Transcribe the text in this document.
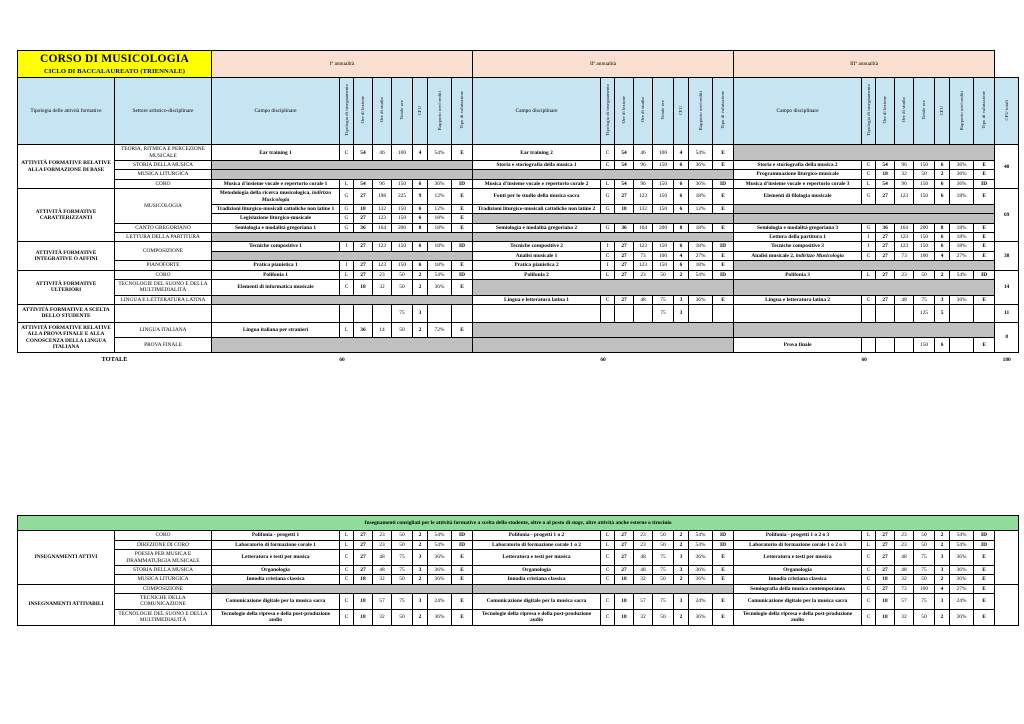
CORSO DI MUSICOLOGIA
CICLO DI BACCALAUREATO (TRIENNALE)		Iª annualità								IIª annualità								IIIª annualità								
Tipologia delle attività formative	Settore artistico-disciplinare	Campo disciplinare	Tipologia di insegnamento	Ore di lezione	Ore di studio	Totale ore	CFU	Rapporto ore/crediti	Tipo di valutazione	Campo disciplinare	Tipologia di insegnamento	Ore di lezione	Ore di studio	Totale ore	CFU	Rapporto ore/crediti	Tipo di valutazione	Campo disciplinare	Tipologia di insegnamento	Ore di lezione	Ore di studio	Totale ore	CFU	Rapporto ore/crediti	Tipo di valutazione	CFU totali
ATTIVITÀ FORMATIVE RELATIVE ALLA FORMAZIONE DI BASE	TEORIA, RITMICA E PERCEZIONE MUSICALE	Ear training 1	C	54	46	100	4	54%	E	Ear training 2	C	54	46	100	4	54%	E									40
	STORIA DELLA MUSICA									Storia e storiografia della musica 1	C	54	96	150	6	36%	E	Storia e storiografia della musica 2	C	54	96	150	6	36%	E	
	MUSICA LITURGICA																	Programmazione liturgico-musicale	C	18	32	50	2	36%	E	
	CORO	Musica d'insieme vocale e repertorio corale 1	L	54	96	150	6	36%	ID	Musica d'insieme vocale e repertorio corale 2	L	54	96	150	6	36%	ID	Musica d'insieme vocale e repertorio corale 3	L	54	96	150	6	36%	ID	
ATTIVITÀ FORMATIVE CARATTERIZZANTI	MUSICOLOGIA	Metodologia della ricerca musicologica, indirizzo Musicologia	G	27	198	225	9	12%	E	Fonti per lo studio della musica sacra	G	27	123	150	6	18%	E	Elementi di filologia musicale	G	27	123	150	6	18%	E	69
		Tradizioni liturgico-musicali cattoliche non latine 1	G	18	132	150	6	12%	E	Tradizioni liturgico-musicali cattoliche non latine 2	G	18	132	150	6	12%	E									
		Legislazione liturgico-musicale	G	27	123	150	6	18%	E																	
	CANTO GREGORIANO	Semiologia e modalità gregoriana 1	G	36	164	200	8	18%	E	Semiologia e modalità gregoriana 2	G	36	164	200	8	18%	E	Semiologia e modalità gregoriana 3	G	36	164	200	8	18%	E	
	LETTURA DELLA PARTITURA																	Lettura della partitura 1	I	27	123	150	6	18%	E	
ATTIVITÀ FORMATIVE INTEGRATIVE O AFFINI	COMPOSIZIONE	Tecniche compositive 1	I	27	123	150	6	18%	ID	Tecniche compositive 2	I	27	123	150	6	18%	ID	Tecniche compositive 3	I	27	123	150	6	18%	E	38
										Analisi musicale 1	C	27	73	100	4	27%	E	Analisi musicale 2, indirizzo Musicologia	C	27	73	100	4	27%	E	
	PIANOFORTE	Pratica pianistica 1	I	27	123	150	6	18%	E	Pratica pianistica 2	I	27	123	150	6	18%	E									
ATTIVITÀ FORMATIVE ULTERIORI	CORO	Polifonia 1	L	27	23	50	2	54%	ID	Polifonia 2	L	27	23	50	2	54%	ID	Polifonia 3	L	27	23	50	2	54%	ID	14
	TECNOLOGIE DEL SUONO E DELLA MULTIMEDIALITÀ	Elementi di informatica musicale	C	18	32	50	2	36%	E																	
	LINGUA E LETTERATURA LATINA									Lingua e letteratura latina 1	C	27	48	75	3	36%	E	Lingua e letteratura latina 2	C	27	48	75	3	36%	E	
ATTIVITÀ FORMATIVE A SCELTA DELLO STUDENTE						75	3							75	3							125	5			11
ATTIVITÀ FORMATIVE RELATIVE ALLA PROVA FINALE E ALLA CONOSCENZA DELLA LINGUA ITALIANA	LINGUA ITALIANA	Lingua italiana per stranieri	L	36	14	50	2	72%	E																	8
	PROVA FINALE																	Prova finale				150	6		E	

TOTALE		60								60								60								180
Insegnamenti consigliati per le attività formative a scelta dello studente, oltre o al posto di stage, altre attività anche esterne o tirocinio																										
INSEGNAMENTI ATTIVI	CORO	Polifonia - progetti 1	L	27	23	50	2	54%	ID	Polifonia - progetti 1 o 2	L	27	23	50	2	54%	ID	Polifonia - progetti 1 o 2 o 3	L	27	23	50	2	54%	ID	
	DIREZIONE DI CORO	Laboratorio di formazione corale 1	L	27	23	50	2	54%	ID	Laboratorio di formazione corale 1 o 2	L	27	23	50	2	54%	ID	Laboratorio di formazione corale 1 o 2 o 3	L	27	23	50	2	54%	ID	
	POESIA PER MUSICA E DRAMMATURGIA MUSICALE	Letteratura e testi per musica	C	27	48	75	3	36%	E	Letteratura e testi per musica	C	27	48	75	3	36%	E	Letteratura e testi per musica	C	27	48	75	3	36%	E	
	STORIA DELLA MUSICA	Organologia	C	27	48	75	3	36%	E	Organologia	C	27	48	75	3	36%	E	Organologia	C	27	48	75	3	36%	E	
	MUSICA LITURGICA	Innodia cristiana classica	C	18	32	50	2	36%	E	Innodia cristiana classica	C	18	32	50	2	36%	E	Innodia cristiana classica	C	18	32	50	2	36%	E	
INSEGNAMENTI ATTIVABILI	COMPOSIZIONE																	Semiografia della musica contemporanea	C	27	73	100	4	27%	E	
	TECNICHE DELLA COMUNICAZIONE	Comunicazione digitale per la musica sacra	C	18	57	75	3	24%	E	Comunicazione digitale per la musica sacra	C	18	57	75	3	24%	E	Comunicazione digitale per la musica sacra	C	18	57	75	3	24%	E	
	TECNOLOGIE DEL SUONO E DELLA MULTIMEDIALITÀ	Tecnologie della ripresa e della post-produzione audio	C	18	32	50	2	36%	E	Tecnologie della ripresa e della post-produzione audio	C	18	32	50	2	36%	E	Tecnologie della ripresa e della post-produzione audio	C	18	32	50	2	36%	E	
